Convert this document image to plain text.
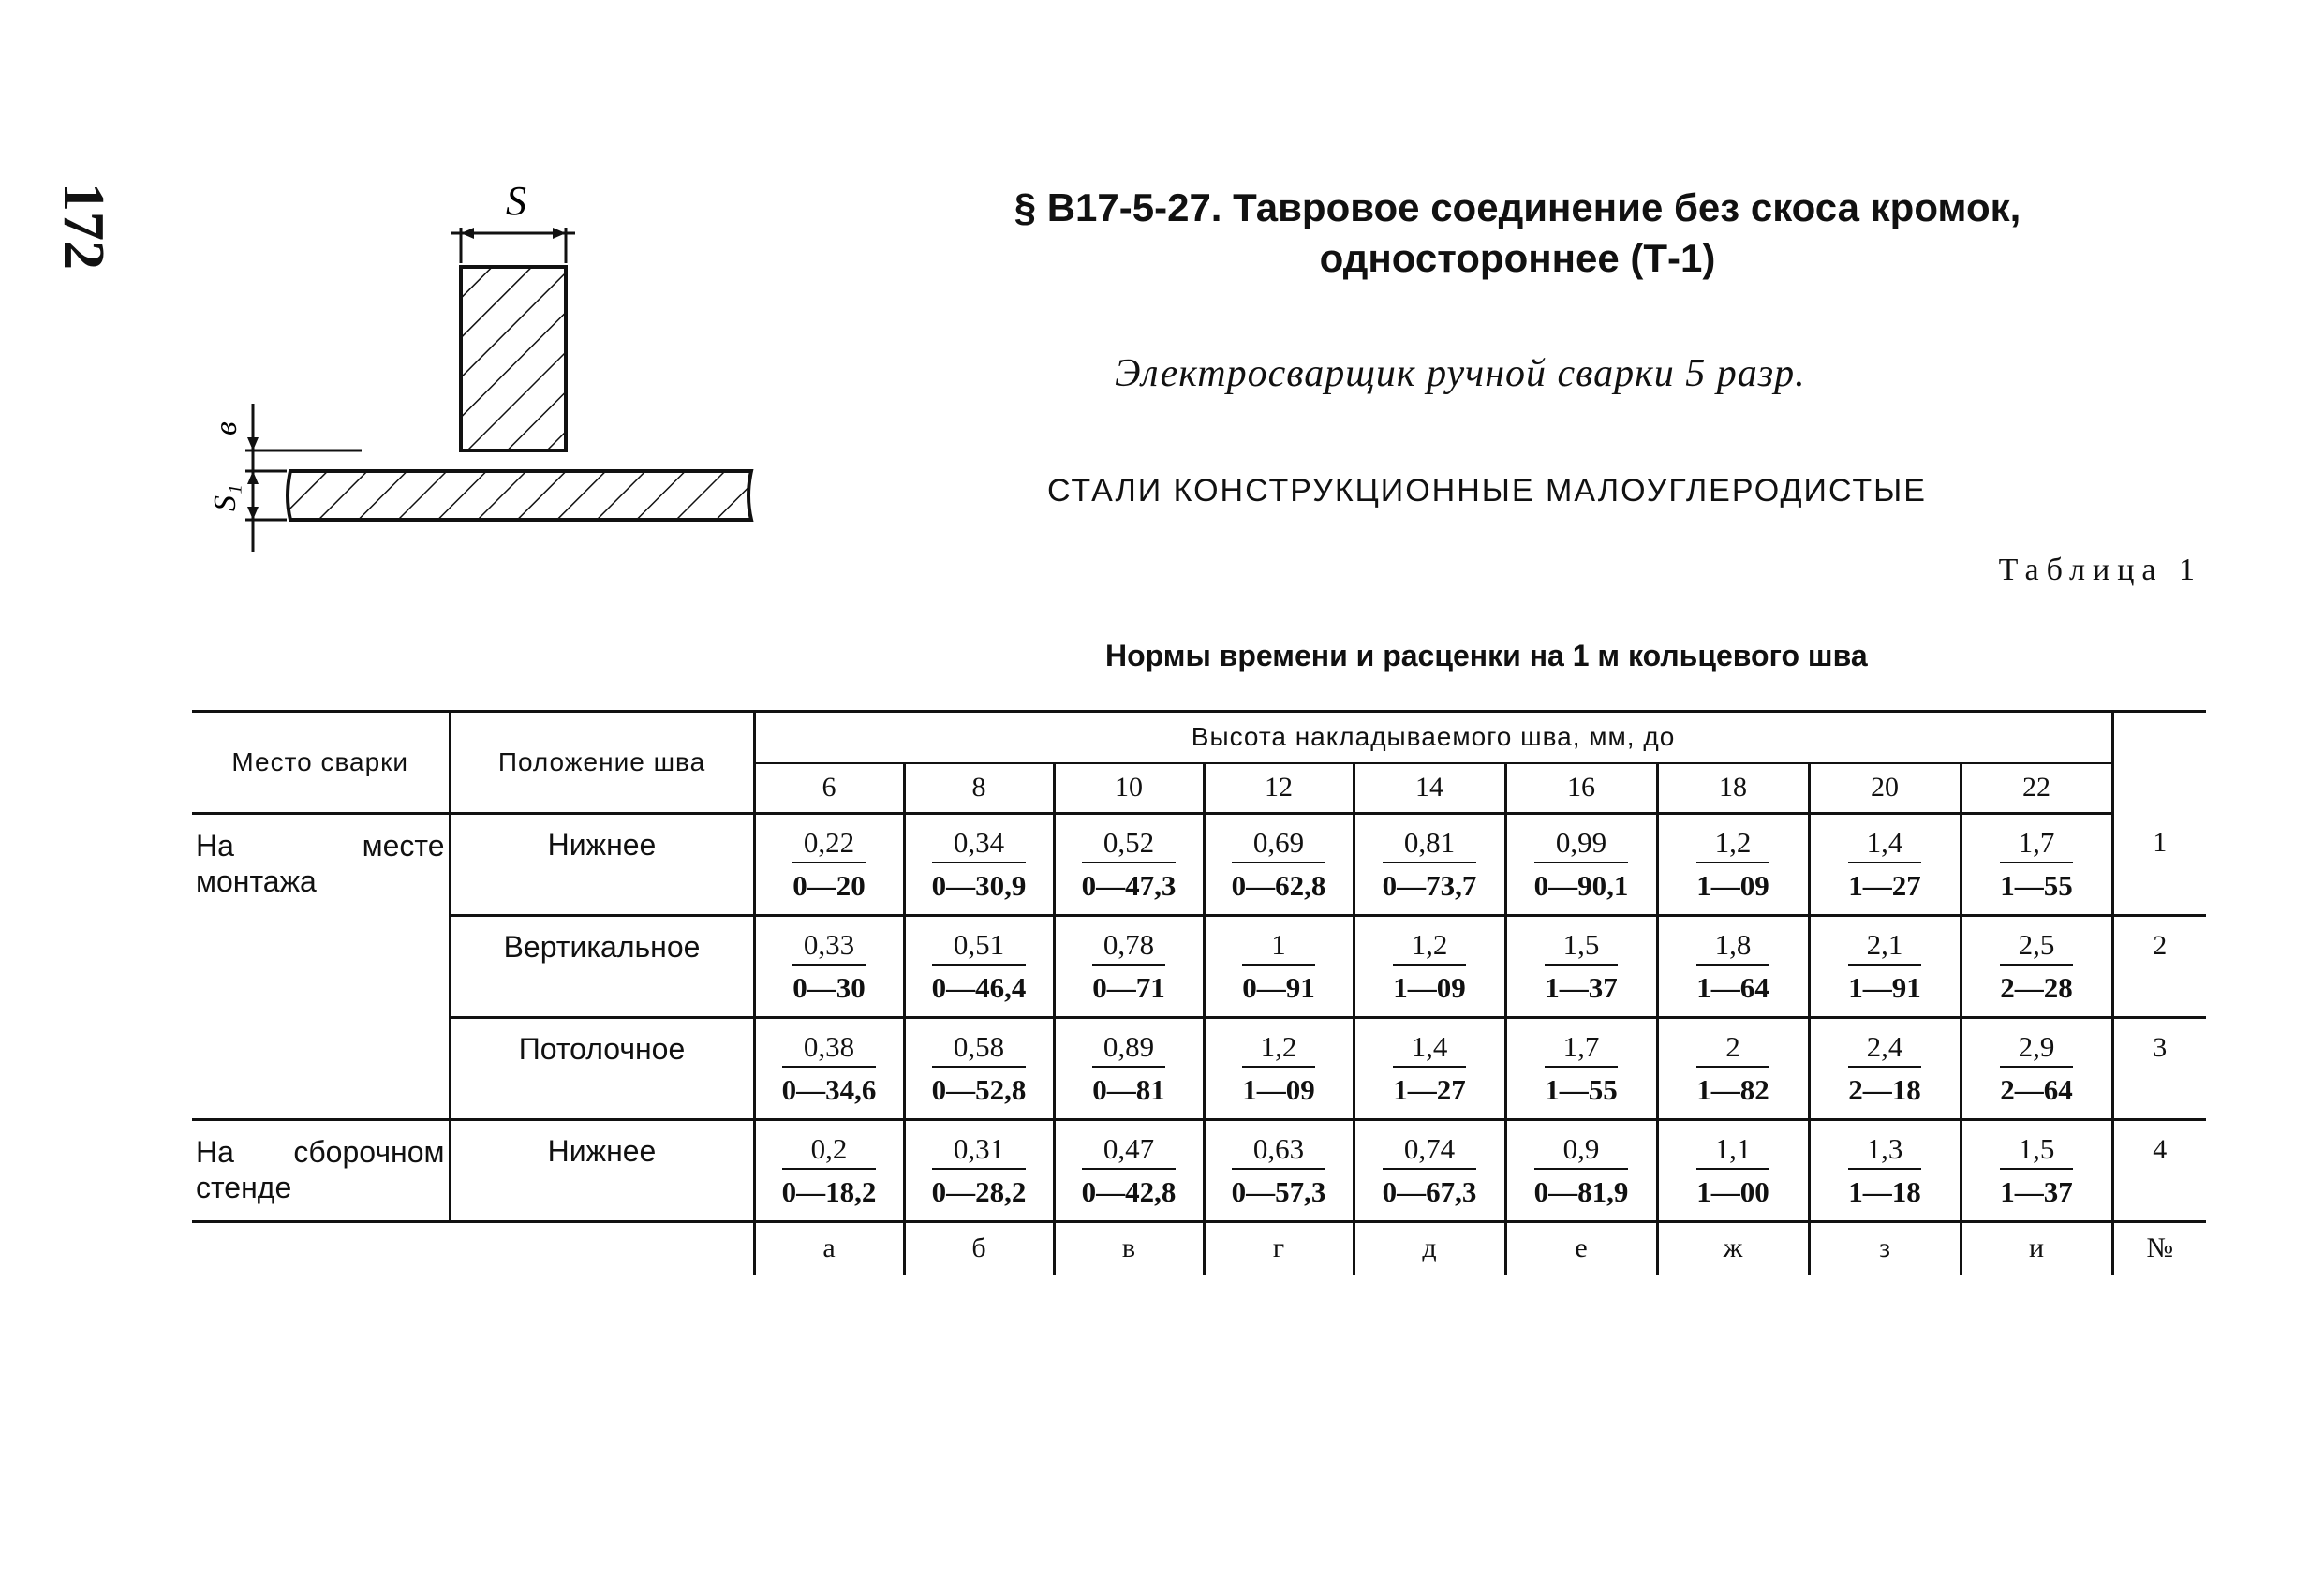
172	S
в
S₁
§ В17-5-27. Тавровое соединение без скоса кромок,
одностороннее (Т-1)
Электросварщик ручной сварки 5 разр.
СТАЛИ КОНСТРУКЦИОННЫЕ МАЛОУГЛЕРОДИСТЫЕ
Таблица 1
Нормы времени и расценки на 1 м кольцевого шва
Место сварки	Положение шва	Высота накладываемого шва, мм, до									
		6	8	10	12	14	16	18	20	22	
На месте монтажа	Нижнее	$\frac{0,22}{0—20}$	$\frac{0,34}{0—30,9}$	$\frac{0,52}{0—47,3}$	$\frac{0,69}{0—62,8}$	$\frac{0,81}{0—73,7}$	$\frac{0,99}{0—90,1}$	$\frac{1,2}{1—09}$	$\frac{1,4}{1—27}$	$\frac{1,7}{1—55}$	1
	Вертикальное	$\frac{0,33}{0—30}$	$\frac{0,51}{0—46,4}$	$\frac{0,78}{0—71}$	$\frac{1}{0—91}$	$\frac{1,2}{1—09}$	$\frac{1,5}{1—37}$	$\frac{1,8}{1—64}$	$\frac{2,1}{1—91}$	$\frac{2,5}{2—28}$	2
	Потолочное	$\frac{0,38}{0—34,6}$	$\frac{0,58}{0—52,8}$	$\frac{0,89}{0—81}$	$\frac{1,2}{1—09}$	$\frac{1,4}{1—27}$	$\frac{1,7}{1—55}$	$\frac{2}{1—82}$	$\frac{2,4}{2—18}$	$\frac{2,9}{2—64}$	3
На сборочном стенде	Нижнее	$\frac{0,2}{0—18,2}$	$\frac{0,31}{0—28,2}$	$\frac{0,47}{0—42,8}$	$\frac{0,63}{0—57,3}$	$\frac{0,74}{0—67,3}$	$\frac{0,9}{0—81,9}$	$\frac{1,1}{1—00}$	$\frac{1,3}{1—18}$	$\frac{1,5}{1—37}$	4
		а	б	в	г	д	е	ж	з	и	№
